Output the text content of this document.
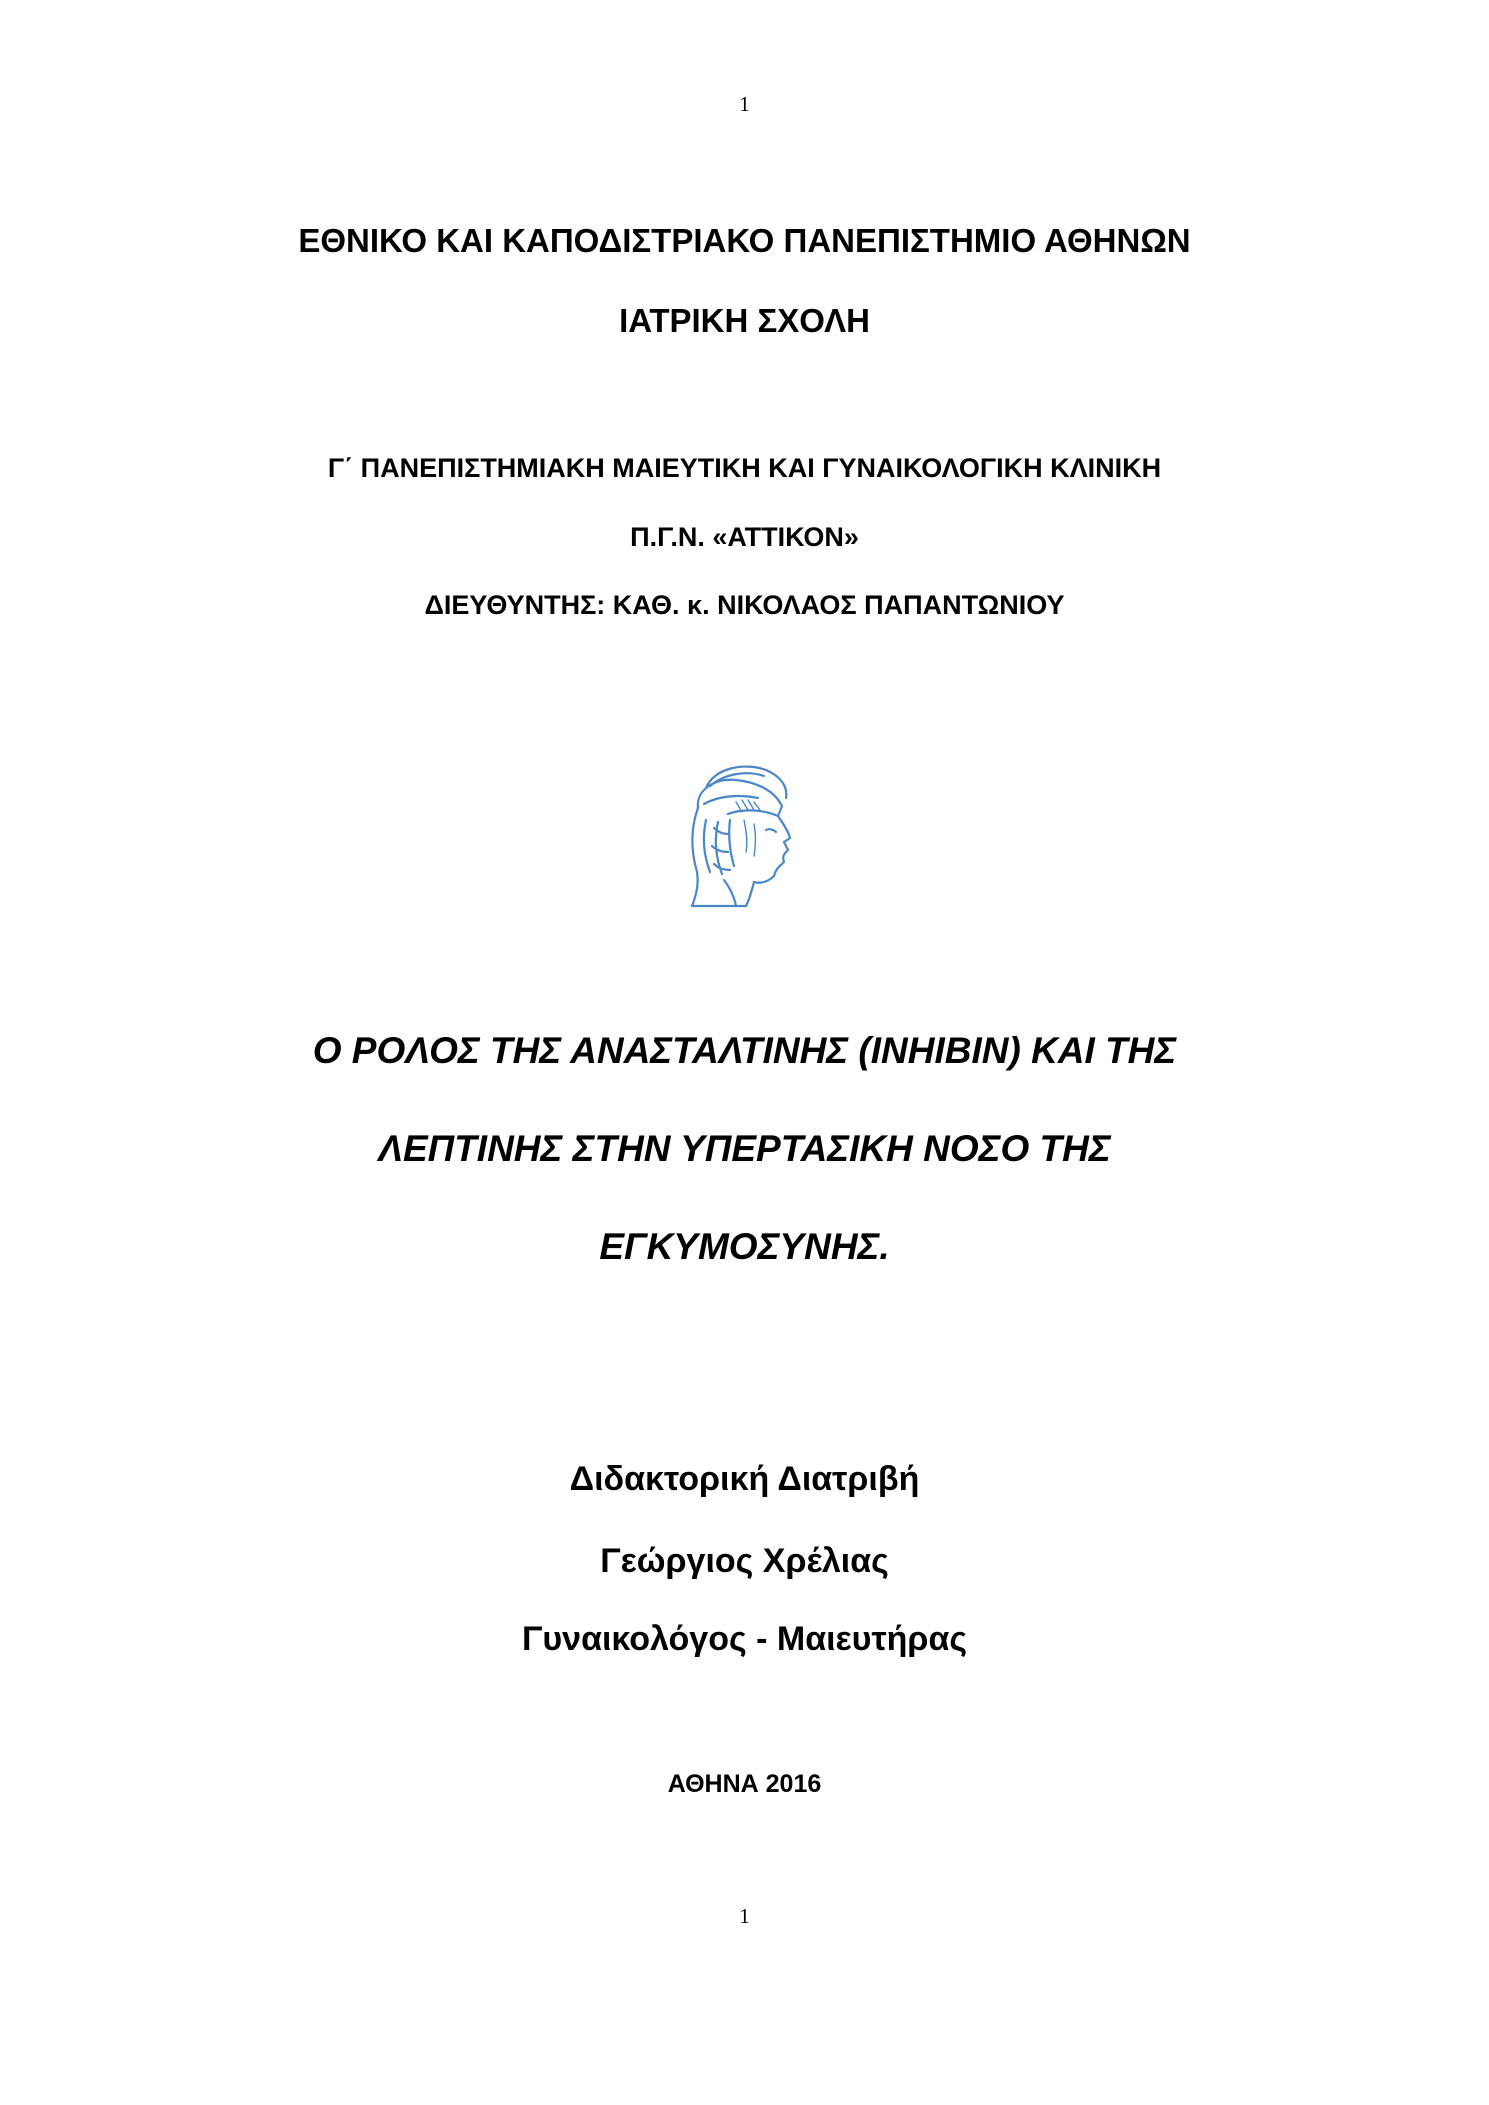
1
ΕΘΝΙΚΟ ΚΑΙ ΚΑΠΟΔΙΣΤΡΙΑΚΟ ΠΑΝΕΠΙΣΤΗΜΙΟ ΑΘΗΝΩΝ
ΙΑΤΡΙΚΗ ΣΧΟΛΗ
Γ΄ ΠΑΝΕΠΙΣΤΗΜΙΑΚΗ ΜΑΙΕΥΤΙΚΗ ΚΑΙ ΓΥΝΑΙΚΟΛΟΓΙΚΗ ΚΛΙΝΙΚΗ
Π.Γ.Ν. «ΑΤΤΙΚΟΝ»
ΔΙΕΥΘΥΝΤΗΣ: ΚΑΘ. κ. ΝΙΚΟΛΑΟΣ ΠΑΠΑΝΤΩΝΙΟΥ
Ο ΡΟΛΟΣ ΤΗΣ ΑΝΑΣΤΑΛΤΙΝΗΣ (INHIBIN) ΚΑΙ ΤΗΣ
ΛΕΠΤΙΝΗΣ ΣΤΗΝ ΥΠΕΡΤΑΣΙΚΗ ΝΟΣΟ ΤΗΣ
ΕΓΚΥΜΟΣΥΝΗΣ.
Διδακτορική Διατριβή
Γεώργιος Χρέλιας
Γυναικολόγος - Μαιευτήρας
ΑΘΗΝΑ 2016
1
